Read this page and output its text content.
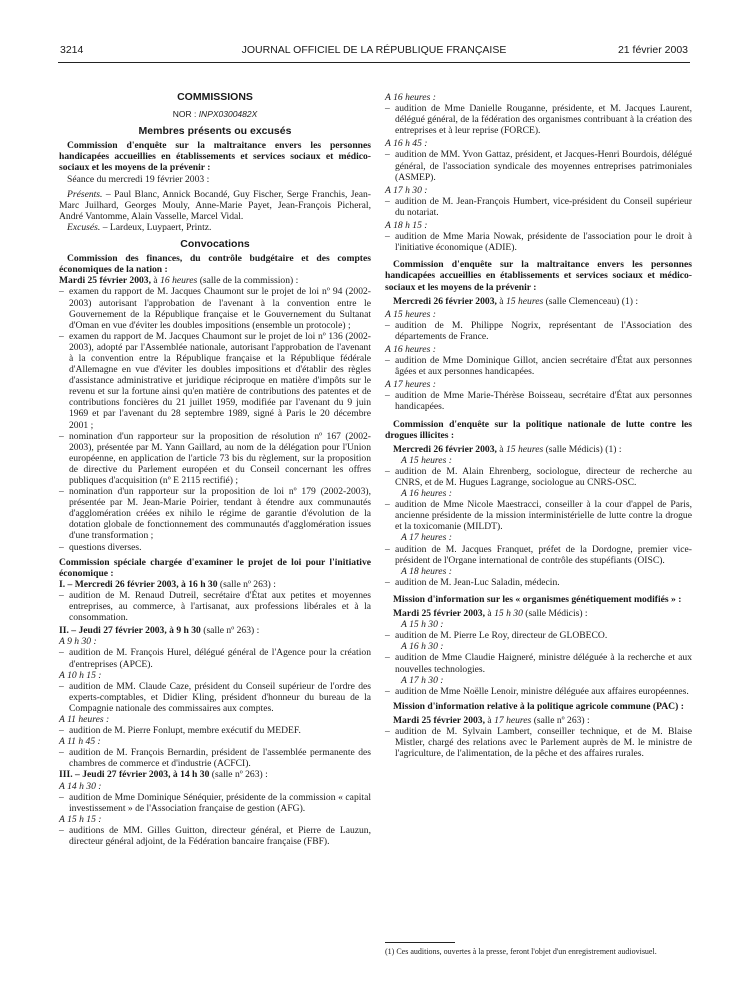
3214	JOURNAL OFFICIEL DE LA RÉPUBLIQUE FRANÇAISE	21 février 2003
COMMISSIONS
NOR : INPX0300482X
Membres présents ou excusés

Commission d'enquête sur la maltraitance envers les personnes handicapées accueillies en établissements et services sociaux et médico-sociaux et les moyens de la prévenir :

Séance du mercredi 19 février 2003 :

Présents. – Paul Blanc, Annick Bocandé, Guy Fischer, Serge Franchis, Jean-Marc Juilhard, Georges Mouly, Anne-Marie Payet, Jean-François Picheral, André Vantomme, Alain Vasselle, Marcel Vidal.

Excusés. – Lardeux, Luypaert, Printz.

Convocations

Commission des finances, du contrôle budgétaire et des comptes économiques de la nation :

Mardi 25 février 2003, à 16 heures (salle de la commission) :

– examen du rapport de M. Jacques Chaumont sur le projet de loi nº 94 (2002-2003) autorisant l'approbation de l'avenant à la convention entre le Gouvernement de la République française et le Gouvernement du Sultanat d'Oman en vue d'éviter les doubles impositions (ensemble un protocole) ;

– examen du rapport de M. Jacques Chaumont sur le projet de loi nº 136 (2002-2003), adopté par l'Assemblée nationale, autorisant l'approbation de l'avenant à la convention entre la République française et la République fédérale d'Allemagne en vue d'éviter les doubles impositions et d'établir des règles d'assistance administrative et juridique réciproque en matière d'impôts sur le revenu et sur la fortune ainsi qu'en matière de contributions des patentes et de contributions foncières du 21 juillet 1959, modifiée par l'avenant du 9 juin 1969 et par l'avenant du 28 septembre 1989, signé à Paris le 20 décembre 2001 ;

– nomination d'un rapporteur sur la proposition de résolution nº 167 (2002-2003), présentée par M. Yann Gaillard, au nom de la délégation pour l'Union européenne, en application de l'article 73 bis du règlement, sur la proposition de directive du Parlement européen et du Conseil concernant les offres publiques d'acquisition (nº E 2115 rectifié) ;

– nomination d'un rapporteur sur la proposition de loi nº 179 (2002-2003), présentée par M. Jean-Marie Poirier, tendant à étendre aux communautés d'agglomération créées ex nihilo le régime de garantie d'évolution de la dotation globale de fonctionnement des communautés d'agglomération issues d'une transformation ;

– questions diverses.

Commission spéciale chargée d'examiner le projet de loi pour l'initiative économique :

I. – Mercredi 26 février 2003, à 16 h 30 (salle nº 263) :

– audition de M. Renaud Dutreil, secrétaire d'État aux petites et moyennes entreprises, au commerce, à l'artisanat, aux professions libérales et à la consommation.

II. – Jeudi 27 février 2003, à 9 h 30 (salle nº 263) :

A 9 h 30 :

– audition de M. François Hurel, délégué général de l'Agence pour la création d'entreprises (APCE).

A 10 h 15 :

– audition de MM. Claude Caze, président du Conseil supérieur de l'ordre des experts-comptables, et Didier Kling, président d'honneur du bureau de la Compagnie nationale des commissaires aux comptes.

A 11 heures :

– audition de M. Pierre Fonlupt, membre exécutif du MEDEF.

A 11 h 45 :

– audition de M. François Bernardin, président de l'assemblée permanente des chambres de commerce et d'industrie (ACFCI).

III. – Jeudi 27 février 2003, à 14 h 30 (salle nº 263) :

A 14 h 30 :

– audition de Mme Dominique Sénéquier, présidente de la commission « capital investissement » de l'Association française de gestion (AFG).

A 15 h 15 :

– auditions de MM. Gilles Guitton, directeur général, et Pierre de Lauzun, directeur général adjoint, de la Fédération bancaire française (FBF).

A 16 heures :

– audition de Mme Danielle Rouganne, présidente, et M. Jacques Laurent, délégué général, de la fédération des organismes contribuant à la création des entreprises et à leur reprise (FORCE).

A 16 h 45 :

– audition de MM. Yvon Gattaz, président, et Jacques-Henri Bourdois, délégué général, de l'association syndicale des moyennes entreprises patrimoniales (ASMEP).

A 17 h 30 :

– audition de M. Jean-François Humbert, vice-président du Conseil supérieur du notariat.

A 18 h 15 :

– audition de Mme Maria Nowak, présidente de l'association pour le droit à l'initiative économique (ADIE).

Commission d'enquête sur la maltraitance envers les personnes handicapées accueillies en établissements et services sociaux et médico-sociaux et les moyens de la prévenir :

Mercredi 26 février 2003, à 15 heures (salle Clemenceau) (1) :

A 15 heures :

– audition de M. Philippe Nogrix, représentant de l'Association des départements de France.

A 16 heures :

– audition de Mme Dominique Gillot, ancien secrétaire d'État aux personnes âgées et aux personnes handicapées.

A 17 heures :

– audition de Mme Marie-Thérèse Boisseau, secrétaire d'État aux personnes handicapées.

Commission d'enquête sur la politique nationale de lutte contre les drogues illicites :

Mercredi 26 février 2003, à 15 heures (salle Médicis) (1) :

A 15 heures :

– audition de M. Alain Ehrenberg, sociologue, directeur de recherche au CNRS, et de M. Hugues Lagrange, sociologue au CNRS-OSC.

A 16 heures :

– audition de Mme Nicole Maestracci, conseiller à la cour d'appel de Paris, ancienne présidente de la mission interministérielle de lutte contre la drogue et la toxicomanie (MILDT).

A 17 heures :

– audition de M. Jacques Franquet, préfet de la Dordogne, premier vice-président de l'Organe international de contrôle des stupéfiants (OISC).

A 18 heures :

– audition de M. Jean-Luc Saladin, médecin.

Mission d'information sur les « organismes génétiquement modifiés » :

Mardi 25 février 2003, à 15 h 30 (salle Médicis) :

A 15 h 30 :

– audition de M. Pierre Le Roy, directeur de GLOBECO.

A 16 h 30 :

– audition de Mme Claudie Haigneré, ministre déléguée à la recherche et aux nouvelles technologies.

A 17 h 30 :

– audition de Mme Noëlle Lenoir, ministre déléguée aux affaires européennes.

Mission d'information relative à la politique agricole commune (PAC) :

Mardi 25 février 2003, à 17 heures (salle nº 263) :

– audition de M. Sylvain Lambert, conseiller technique, et de M. Blaise Mistler, chargé des relations avec le Parlement auprès de M. le ministre de l'agriculture, de l'alimentation, de la pêche et des affaires rurales.

(1) Ces auditions, ouvertes à la presse, feront l'objet d'un enregistrement audiovisuel.
